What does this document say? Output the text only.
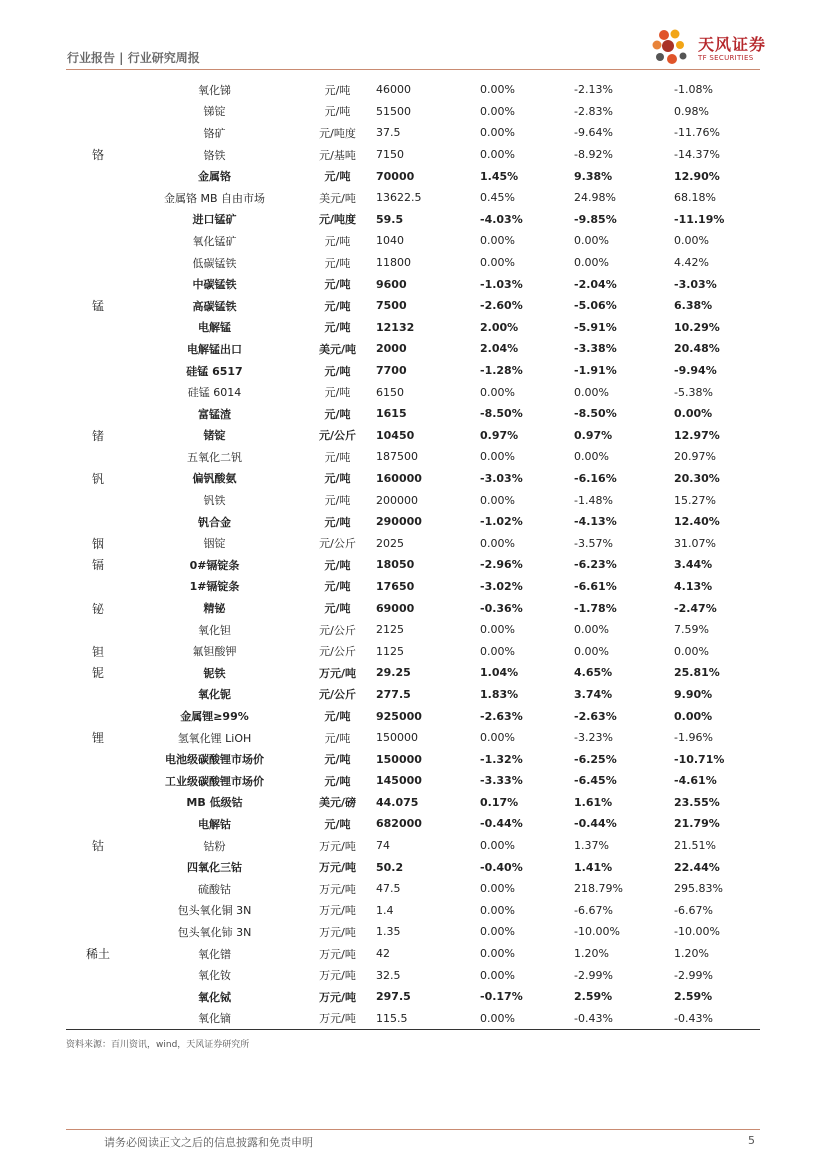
行业报告 | 行业研究周报
天风证券
TF SECURITIES
	氧化锑	元/吨	46000	0.00%	-2.13%	-1.08%
	锑锭	元/吨	51500	0.00%	-2.83%	0.98%
	铬矿	元/吨度	37.5	0.00%	-9.64%	-11.76%
铬	铬铁	元/基吨	7150	0.00%	-8.92%	-14.37%
	金属铬	元/吨	70000	1.45%	9.38%	12.90%
	金属铬 MB 自由市场	美元/吨	13622.5	0.45%	24.98%	68.18%
	进口锰矿	元/吨度	59.5	-4.03%	-9.85%	-11.19%
	氧化锰矿	元/吨	1040	0.00%	0.00%	0.00%
	低碳锰铁	元/吨	11800	0.00%	0.00%	4.42%
	中碳锰铁	元/吨	9600	-1.03%	-2.04%	-3.03%
锰	高碳锰铁	元/吨	7500	-2.60%	-5.06%	6.38%
	电解锰	元/吨	12132	2.00%	-5.91%	10.29%
	电解锰出口	美元/吨	2000	2.04%	-3.38%	20.48%
	硅锰 6517	元/吨	7700	-1.28%	-1.91%	-9.94%
	硅锰 6014	元/吨	6150	0.00%	0.00%	-5.38%
	富锰渣	元/吨	1615	-8.50%	-8.50%	0.00%
锗	锗锭	元/公斤	10450	0.97%	0.97%	12.97%
	五氧化二钒	元/吨	187500	0.00%	0.00%	20.97%
钒	偏钒酸氨	元/吨	160000	-3.03%	-6.16%	20.30%
	钒铁	元/吨	200000	0.00%	-1.48%	15.27%
	钒合金	元/吨	290000	-1.02%	-4.13%	12.40%
铟	铟锭	元/公斤	2025	0.00%	-3.57%	31.07%
镉	0#镉锭条	元/吨	18050	-2.96%	-6.23%	3.44%
	1#镉锭条	元/吨	17650	-3.02%	-6.61%	4.13%
铋	精铋	元/吨	69000	-0.36%	-1.78%	-2.47%
	氧化钽	元/公斤	2125	0.00%	0.00%	7.59%
钽	氟钽酸钾	元/公斤	1125	0.00%	0.00%	0.00%
铌	铌铁	万元/吨	29.25	1.04%	4.65%	25.81%
	氧化铌	元/公斤	277.5	1.83%	3.74%	9.90%
	金属锂≥99%	元/吨	925000	-2.63%	-2.63%	0.00%
锂	氢氧化锂 LiOH	元/吨	150000	0.00%	-3.23%	-1.96%
	电池级碳酸锂市场价	元/吨	150000	-1.32%	-6.25%	-10.71%
	工业级碳酸锂市场价	元/吨	145000	-3.33%	-6.45%	-4.61%
	MB 低级钴	美元/磅	44.075	0.17%	1.61%	23.55%
	电解钴	元/吨	682000	-0.44%	-0.44%	21.79%
钴	钴粉	万元/吨	74	0.00%	1.37%	21.51%
	四氧化三钴	万元/吨	50.2	-0.40%	1.41%	22.44%
	硫酸钴	万元/吨	47.5	0.00%	218.79%	295.83%
	包头氧化铜 3N	万元/吨	1.4	0.00%	-6.67%	-6.67%
	包头氧化铈 3N	万元/吨	1.35	0.00%	-10.00%	-10.00%
稀土	氧化镨	万元/吨	42	0.00%	1.20%	1.20%
	氧化钕	万元/吨	32.5	0.00%	-2.99%	-2.99%
	氧化铽	万元/吨	297.5	-0.17%	2.59%	2.59%
	氧化镝	万元/吨	115.5	0.00%	-0.43%	-0.43%
资料来源：百川资讯，wind，天风证券研究所
请务必阅读正文之后的信息披露和免责申明	5
